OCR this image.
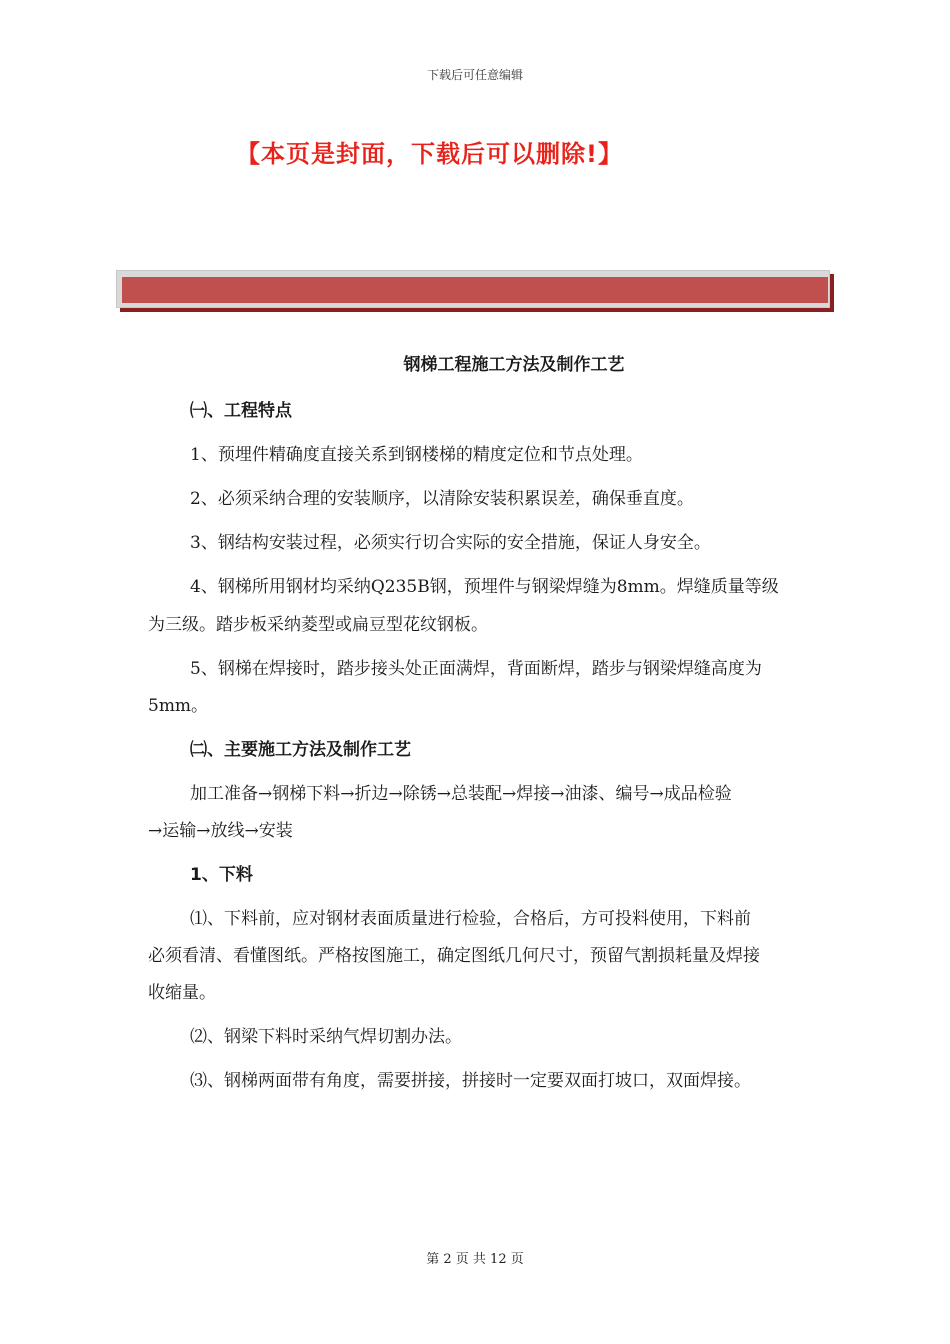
下载后可任意编辑
【本页是封面，下载后可以删除!】
钢梯工程施工方法及制作工艺
㈠、工程特点
1、预埋件精确度直接关系到钢楼梯的精度定位和节点处理。
2、必须采纳合理的安装顺序，以清除安装积累误差，确保垂直度。
3、钢结构安装过程，必须实行切合实际的安全措施，保证人身安全。
4、钢梯所用钢材均采纳Q235B钢，预埋件与钢梁焊缝为8mm。焊缝质量等级
为三级。踏步板采纳菱型或扁豆型花纹钢板。
5、钢梯在焊接时，踏步接头处正面满焊，背面断焊，踏步与钢梁焊缝高度为
5mm。
㈡、主要施工方法及制作工艺
加工准备→钢梯下料→折边→除锈→总装配→焊接→油漆、编号→成品检验
→运输→放线→安装
1、下料
⑴、下料前，应对钢材表面质量进行检验，合格后，方可投料使用，下料前
必须看清、看懂图纸。严格按图施工，确定图纸几何尺寸，预留气割损耗量及焊接
收缩量。
⑵、钢梁下料时采纳气焊切割办法。
⑶、钢梯两面带有角度，需要拼接，拼接时一定要双面打坡口，双面焊接。
第 2 页 共 12 页
